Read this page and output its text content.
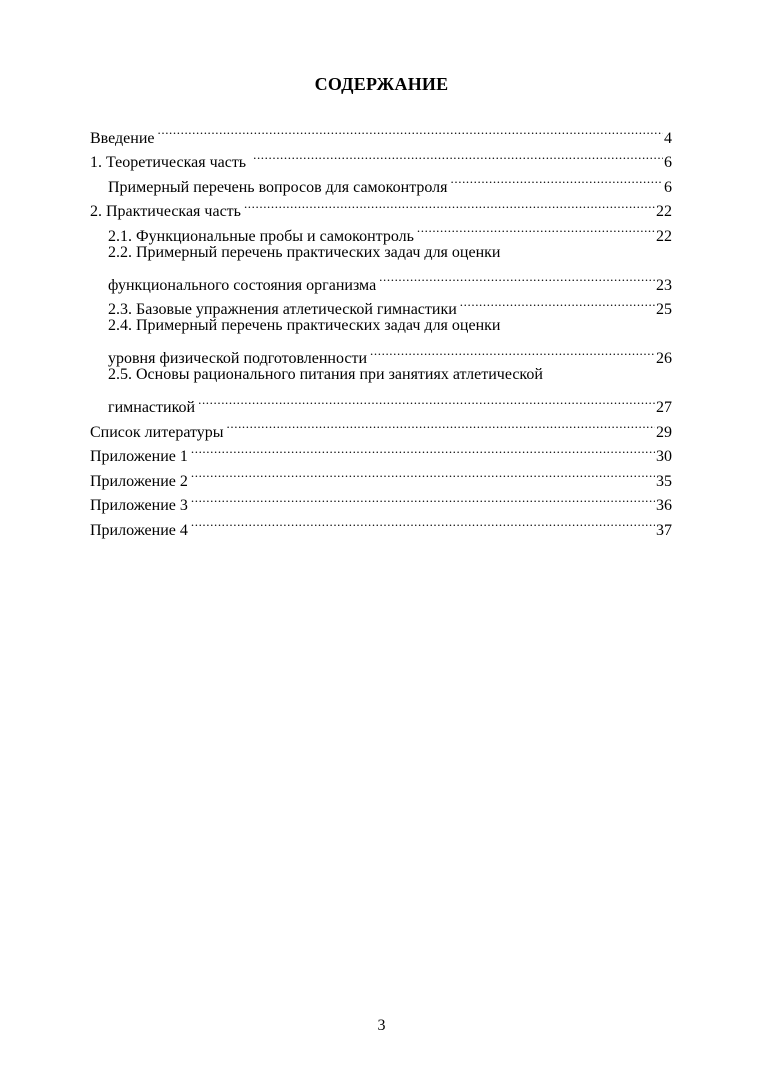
СОДЕРЖАНИЕ
Введение .....	4
1. Теоретическая часть .....	6
Примерный перечень вопросов для самоконтроля .....	6
2. Практическая часть .....	22
2.1. Функциональные пробы и самоконтроль .....	22
2.2. Примерный перечень практических задач для оценки
функционального состояния организма .....	23
2.3. Базовые упражнения атлетической гимнастики .....	25
2.4. Примерный перечень практических задач для оценки
уровня физической подготовленности .....	26
2.5. Основы рационального питания при занятиях атлетической
гимнастикой .....	27
Список литературы .....	29
Приложение 1 .....	30
Приложение 2 .....	35
Приложение 3 .....	36
Приложение 4 .....	37
3
